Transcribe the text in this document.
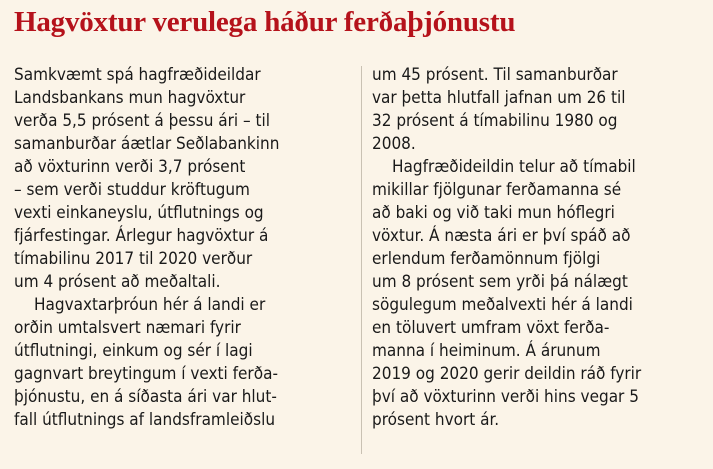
Hagvöxtur verulega háður ferðaþjónustu
Samkvæmt spá hagfræðideildar
Landsbankans mun hagvöxtur
verða 5,5 prósent á þessu ári – til
samanburðar áætlar Seðlabankinn
að vöxturinn verði 3,7 prósent
– sem verði studdur kröftugum
vexti einkaneyslu, útflutnings og
fjárfestingar. Árlegur hagvöxtur á
tímabilinu 2017 til 2020 verður
um 4 prósent að meðaltali.
Hagvaxtarþróun hér á landi er
orðin umtalsvert næmari fyrir
útflutningi, einkum og sér í lagi
gagnvart breytingum í vexti ferða-
þjónustu, en á síðasta ári var hlut-
fall útflutnings af landsframleiðslu
um 45 prósent. Til samanburðar
var þetta hlutfall jafnan um 26 til
32 prósent á tímabilinu 1980 og
2008.
Hagfræðideildin telur að tímabil
mikillar fjölgunar ferðamanna sé
að baki og við taki mun hóflegri
vöxtur. Á næsta ári er því spáð að
erlendum ferðamönnum fjölgi
um 8 prósent sem yrði þá nálægt
sögulegum meðalvexti hér á landi
en töluvert umfram vöxt ferða-
manna í heiminum. Á árunum
2019 og 2020 gerir deildin ráð fyrir
því að vöxturinn verði hins vegar 5
prósent hvort ár.
